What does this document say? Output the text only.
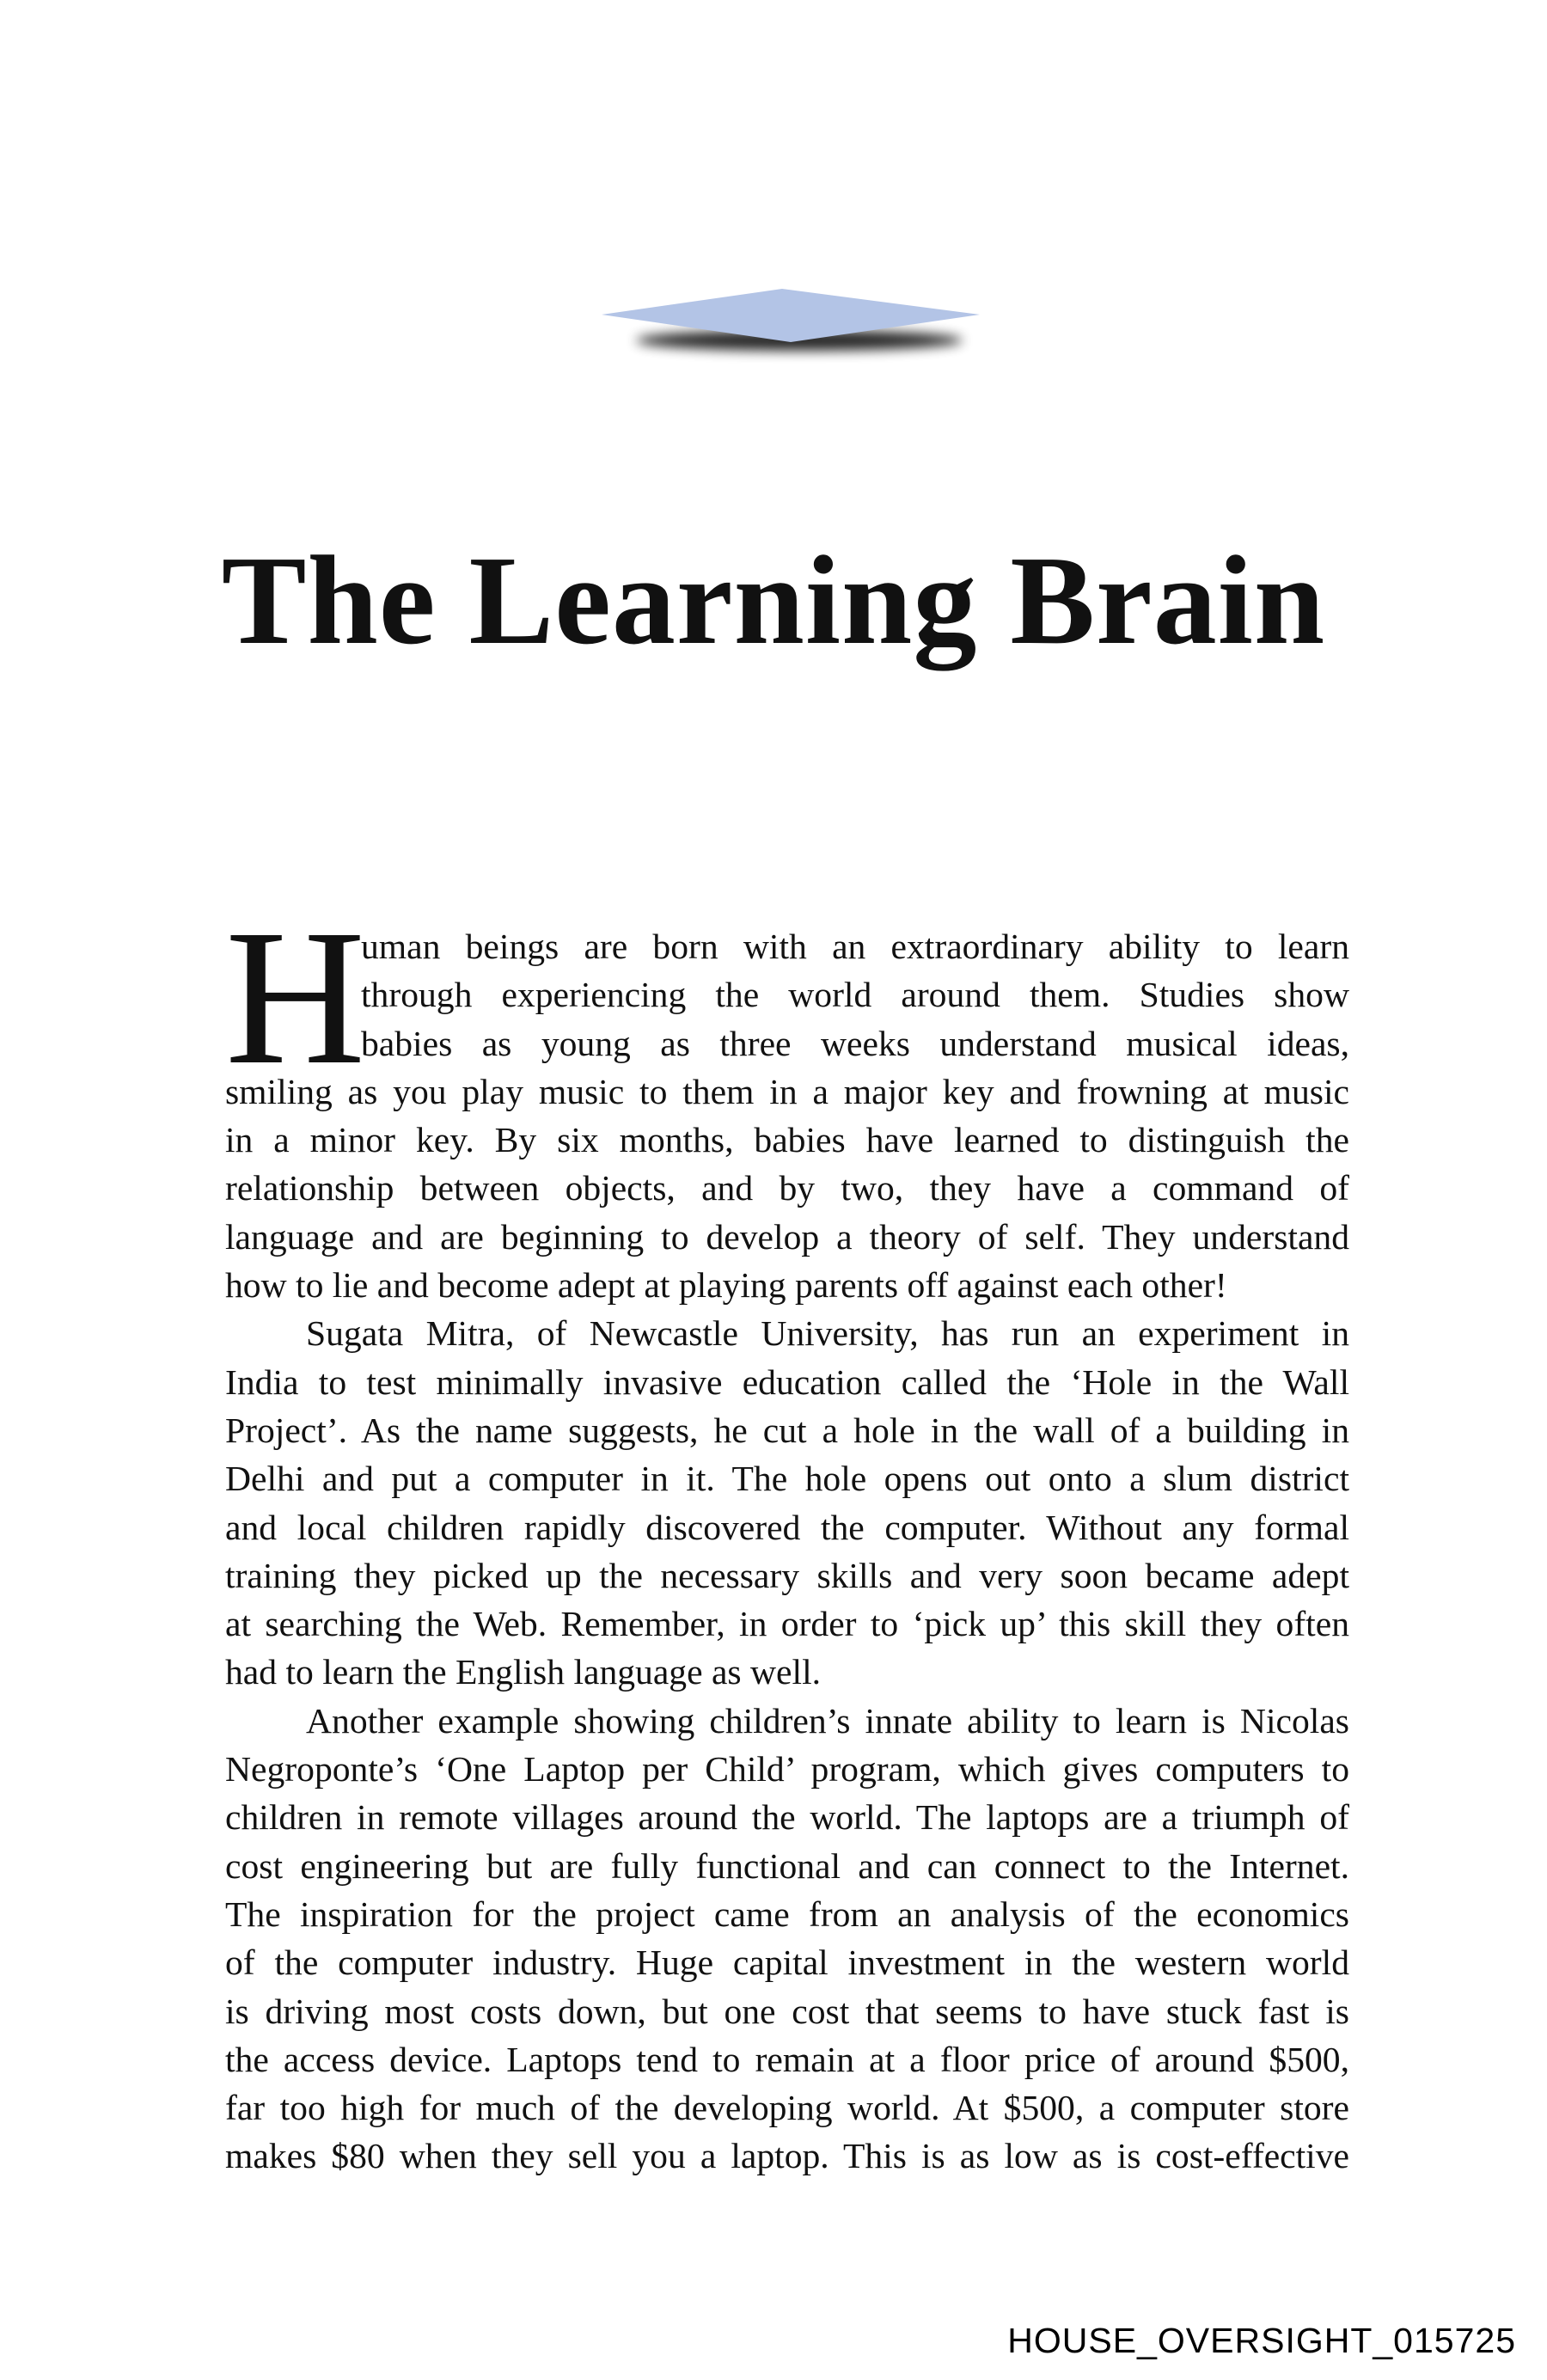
The Learning Brain

H
uman beings are born with an extraordinary ability to learn
through experiencing the world around them. Studies show
babies as young as three weeks understand musical ideas,
smiling as you play music to them in a major key and frowning at music
in a minor key. By six months, babies have learned to distinguish the
relationship between objects, and by two, they have a command of
language and are beginning to develop a theory of self. They understand
how to lie and become adept at playing parents off against each other!

Sugata Mitra, of Newcastle University, has run an experiment in
India to test minimally invasive education called the ‘Hole in the Wall
Project’. As the name suggests, he cut a hole in the wall of a building in
Delhi and put a computer in it. The hole opens out onto a slum district
and local children rapidly discovered the computer. Without any formal
training they picked up the necessary skills and very soon became adept
at searching the Web. Remember, in order to ‘pick up’ this skill they often
had to learn the English language as well.

Another example showing children’s innate ability to learn is Nicolas
Negroponte’s ‘One Laptop per Child’ program, which gives computers to
children in remote villages around the world. The laptops are a triumph of
cost engineering but are fully functional and can connect to the Internet.
The inspiration for the project came from an analysis of the economics
of the computer industry. Huge capital investment in the western world
is driving most costs down, but one cost that seems to have stuck fast is
the access device. Laptops tend to remain at a floor price of around $500,
far too high for much of the developing world. At $500, a computer store
makes $80 when they sell you a laptop. This is as low as is cost-effective

HOUSE_OVERSIGHT_015725
